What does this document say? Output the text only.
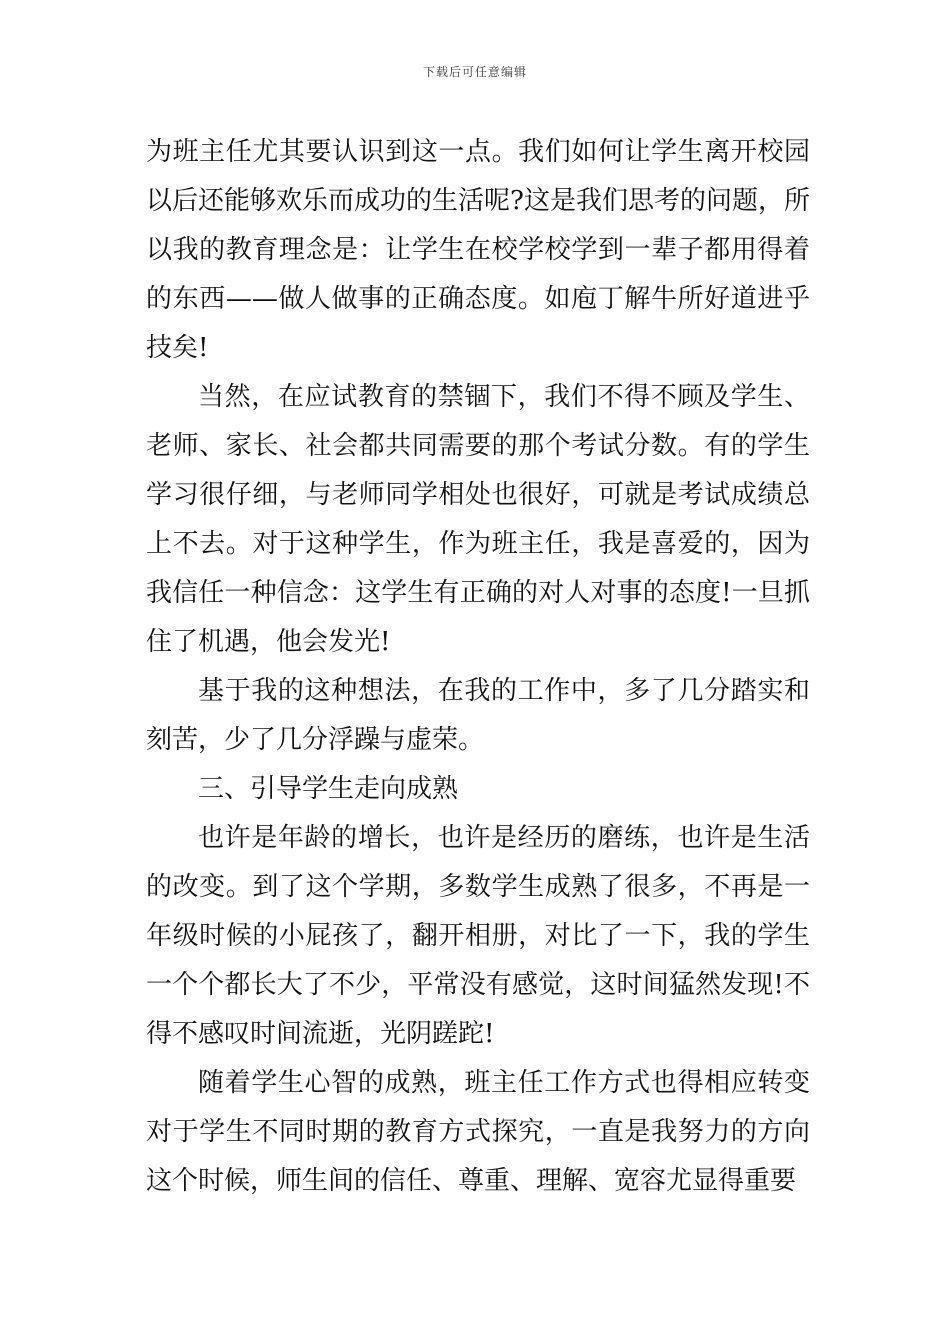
下载后可任意编辑

为班主任尤其要认识到这一点。我们如何让学生离开校园以后还能够欢乐而成功的生活呢?这是我们思考的问题，所以我的教育理念是：让学生在校学校学到一辈子都用得着的东西——做人做事的正确态度。如庖丁解牛所好道进乎技矣!

当然，在应试教育的禁锢下，我们不得不顾及学生、老师、家长、社会都共同需要的那个考试分数。有的学生学习很仔细，与老师同学相处也很好，可就是考试成绩总上不去。对于这种学生，作为班主任，我是喜爱的，因为我信任一种信念：这学生有正确的对人对事的态度!一旦抓住了机遇，他会发光!

基于我的这种想法，在我的工作中，多了几分踏实和刻苦，少了几分浮躁与虚荣。

三、引导学生走向成熟

也许是年龄的增长，也许是经历的磨练，也许是生活的改变。到了这个学期，多数学生成熟了很多，不再是一年级时候的小屁孩了，翻开相册，对比了一下，我的学生一个个都长大了不少，平常没有感觉，这时间猛然发现!不得不感叹时间流逝，光阴蹉跎!

随着学生心智的成熟，班主任工作方式也得相应转变对于学生不同时期的教育方式探究，一直是我努力的方向这个时候，师生间的信任、尊重、理解、宽容尤显得重要
